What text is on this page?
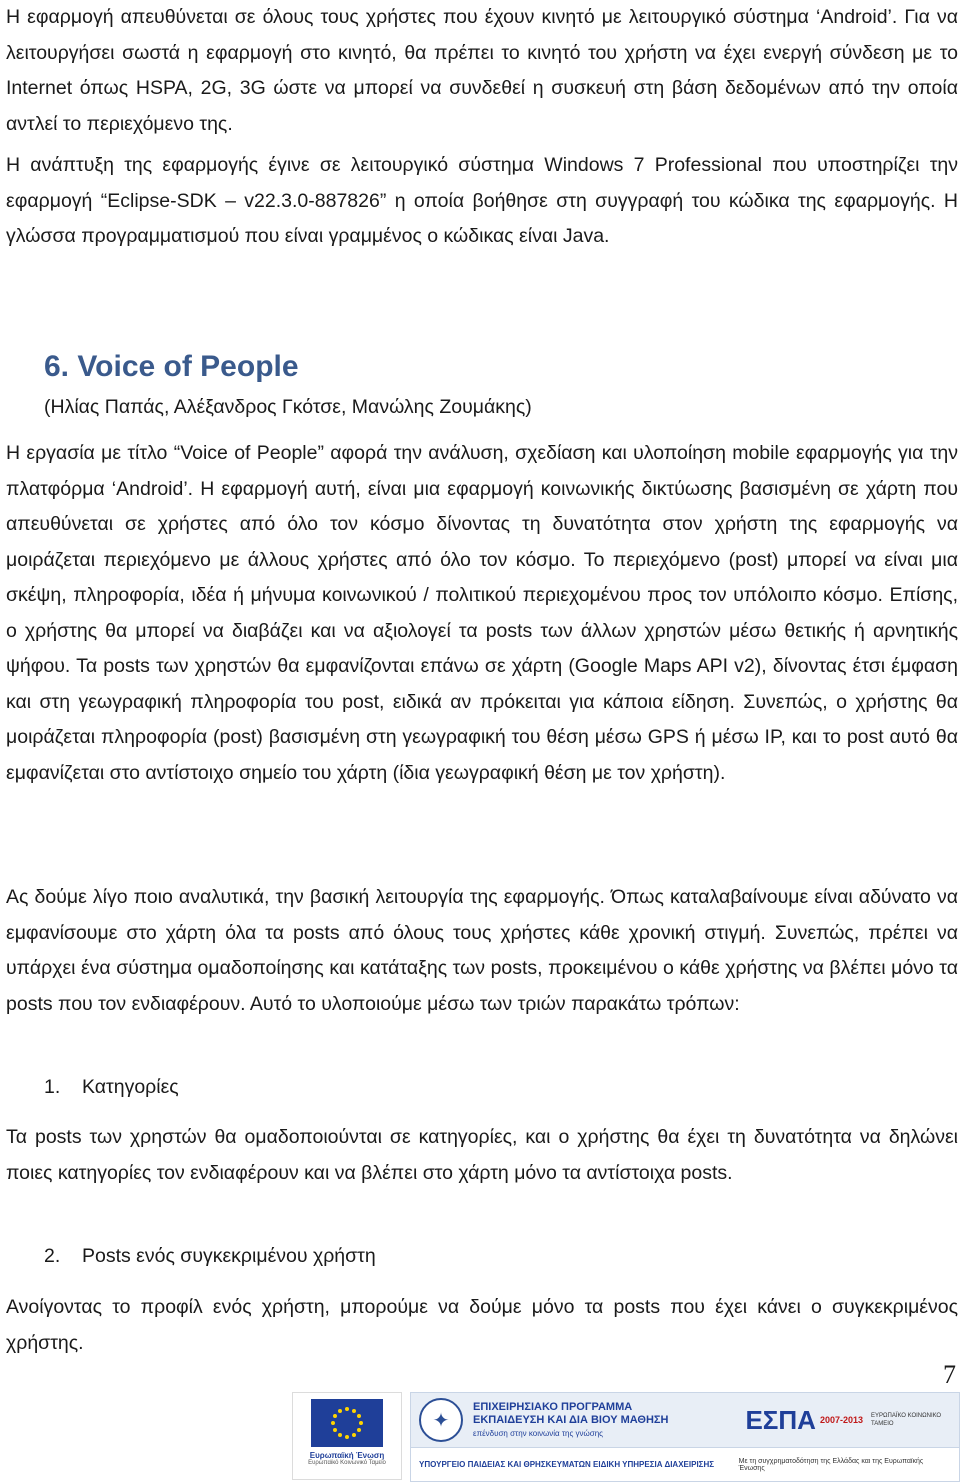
Η εφαρμογή απευθύνεται σε όλους τους χρήστες που έχουν κινητό με λειτουργικό σύστημα ‘Android’. Για να λειτουργήσει σωστά η εφαρμογή στο κινητό, θα πρέπει το κινητό του χρήστη να έχει ενεργή σύνδεση με το Internet όπως HSPA, 2G, 3G ώστε να μπορεί να συνδεθεί η συσκευή στη βάση δεδομένων από την οποία αντλεί το περιεχόμενο της.

Η ανάπτυξη της εφαρμογής έγινε σε λειτουργικό σύστημα Windows 7 Professional που υποστηρίζει την εφαρμογή “Eclipse-SDK – v22.3.0-887826” η οποία βοήθησε στη συγγραφή του κώδικα της εφαρμογής. Η γλώσσα προγραμματισμού που είναι γραμμένος ο κώδικας είναι Java.

6. Voice of People

(Ηλίας Παπάς, Αλέξανδρος Γκότσε, Μανώλης Ζουμάκης)

Η εργασία με τίτλο “Voice of People” αφορά την ανάλυση, σχεδίαση και υλοποίηση mobile εφαρμογής για την πλατφόρμα ‘Android’. Η εφαρμογή αυτή, είναι μια εφαρμογή κοινωνικής δικτύωσης βασισμένη σε χάρτη που απευθύνεται σε χρήστες από όλο τον κόσμο δίνοντας τη δυνατότητα στον χρήστη της εφαρμογής να μοιράζεται περιεχόμενο με άλλους χρήστες από όλο τον κόσμο. Το περιεχόμενο (post) μπορεί να είναι μια σκέψη, πληροφορία, ιδέα ή μήνυμα κοινωνικού / πολιτικού περιεχομένου προς τον υπόλοιπο κόσμο. Επίσης, ο χρήστης θα μπορεί να διαβάζει και να αξιολογεί τα posts των άλλων χρηστών μέσω θετικής ή αρνητικής ψήφου. Τα posts των χρηστών θα εμφανίζονται επάνω σε χάρτη (Google Maps API v2), δίνοντας έτσι έμφαση και στη γεωγραφική πληροφορία του post, ειδικά αν πρόκειται για κάποια είδηση. Συνεπώς, ο χρήστης θα μοιράζεται πληροφορία (post) βασισμένη στη γεωγραφική του θέση μέσω GPS ή μέσω IP, και το post αυτό θα εμφανίζεται στο αντίστοιχο σημείο του χάρτη (ίδια γεωγραφική θέση με τον χρήστη).

Ας δούμε λίγο ποιο αναλυτικά, την βασική λειτουργία της εφαρμογής. Όπως καταλαβαίνουμε είναι αδύνατο να εμφανίσουμε στο χάρτη όλα τα posts από όλους τους χρήστες κάθε χρονική στιγμή. Συνεπώς, πρέπει να υπάρχει ένα σύστημα ομαδοποίησης και κατάταξης των posts, προκειμένου ο κάθε χρήστης να βλέπει μόνο τα posts που τον ενδιαφέρουν. Αυτό το υλοποιούμε μέσω των τριών παρακάτω τρόπων:

1. Κατηγορίες

Τα posts των χρηστών θα ομαδοποιούνται σε κατηγορίες, και ο χρήστης θα έχει τη δυνατότητα να δηλώνει ποιες κατηγορίες τον ενδιαφέρουν και να βλέπει στο χάρτη μόνο τα αντίστοιχα posts.

2. Posts ενός συγκεκριμένου χρήστη

Ανοίγοντας το προφίλ ενός χρήστη, μπορούμε να δούμε μόνο τα posts που έχει κάνει ο συγκεκριμένος χρήστης.

7
Ευρωπαϊκή Ένωση
Ευρωπαϊκό Κοινωνικό Ταμείο
✦
ΕΠΙΧΕΙΡΗΣΙΑΚΟ ΠΡΟΓΡΑΜΜΑ ΕΚΠΑΙΔΕΥΣΗ ΚΑΙ ΔΙΑ ΒΙΟΥ ΜΑΘΗΣΗ
επένδυση στην κοινωνία της γνώσης	ΕΣΠΑ 2007-2013 ΕΥΡΩΠΑΪΚΟ ΚΟΙΝΩΝΙΚΟ ΤΑΜΕΙΟ
ΥΠΟΥΡΓΕΙΟ ΠΑΙΔΕΙΑΣ ΚΑΙ ΘΡΗΣΚΕΥΜΑΤΩΝ ΕΙΔΙΚΗ ΥΠΗΡΕΣΙΑ ΔΙΑΧΕΙΡΙΣΗΣ	Με τη συγχρηματοδότηση της Ελλάδας και της Ευρωπαϊκής Ένωσης
